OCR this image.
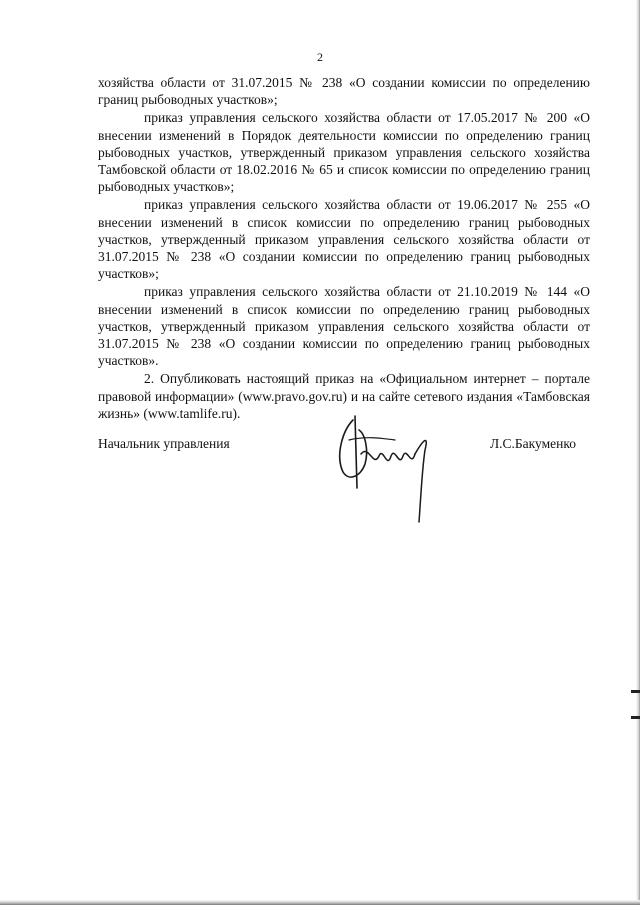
2

хозяйства области от 31.07.2015 № 238 «О создании комиссии по определению границ рыбоводных участков»;

приказ управления сельского хозяйства области от 17.05.2017 № 200 «О внесении изменений в Порядок деятельности комиссии по определению границ рыбоводных участков, утвержденный приказом управления сельского хозяйства Тамбовской области от 18.02.2016 № 65 и список комиссии по определению границ рыбоводных участков»;

приказ управления сельского хозяйства области от 19.06.2017 № 255 «О внесении изменений в список комиссии по определению границ рыбоводных участков, утвержденный приказом управления сельского хозяйства области от 31.07.2015 № 238 «О создании комиссии по определению границ рыбоводных участков»;

приказ управления сельского хозяйства области от 21.10.2019 № 144 «О внесении изменений в список комиссии по определению границ рыбоводных участков, утвержденный приказом управления сельского хозяйства области от 31.07.2015 № 238 «О создании комиссии по определению границ рыбоводных участков».

2. Опубликовать настоящий приказ на «Официальном интернет – портале правовой информации» (www.pravo.gov.ru) и на сайте сетевого издания «Тамбовская жизнь» (www.tamlife.ru).

Начальник управления	Л.С.Бакуменко
